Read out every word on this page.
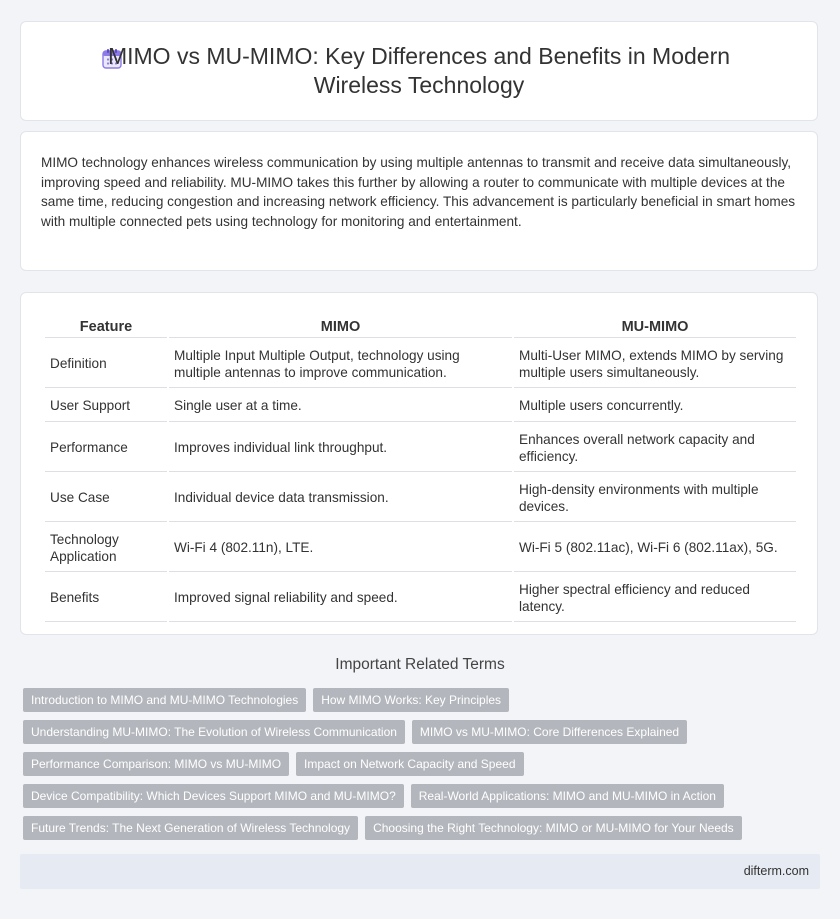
MIMO vs MU-MIMO: Key Differences and Benefits in Modern Wireless Technology

MIMO technology enhances wireless communication by using multiple antennas to transmit and receive data simultaneously, improving speed and reliability. MU-MIMO takes this further by allowing a router to communicate with multiple devices at the same time, reducing congestion and increasing network efficiency. This advancement is particularly beneficial in smart homes with multiple connected pets using technology for monitoring and entertainment.

Feature	MIMO	MU-MIMO
Definition	Multiple Input Multiple Output, technology using multiple antennas to improve communication.	Multi-User MIMO, extends MIMO by serving multiple users simultaneously.
User Support	Single user at a time.	Multiple users concurrently.
Performance	Improves individual link throughput.	Enhances overall network capacity and efficiency.
Use Case	Individual device data transmission.	High-density environments with multiple devices.
Technology Application	Wi-Fi 4 (802.11n), LTE.	Wi-Fi 5 (802.11ac), Wi-Fi 6 (802.11ax), 5G.
Benefits	Improved signal reliability and speed.	Higher spectral efficiency and reduced latency.
Important Related Terms
Introduction to MIMO and MU-MIMO Technologies	How MIMO Works: Key Principles
Understanding MU-MIMO: The Evolution of Wireless Communication	MIMO vs MU-MIMO: Core Differences Explained
Performance Comparison: MIMO vs MU-MIMO	Impact on Network Capacity and Speed
Device Compatibility: Which Devices Support MIMO and MU-MIMO?	Real-World Applications: MIMO and MU-MIMO in Action
Future Trends: The Next Generation of Wireless Technology	Choosing the Right Technology: MIMO or MU-MIMO for Your Needs
difterm.com
